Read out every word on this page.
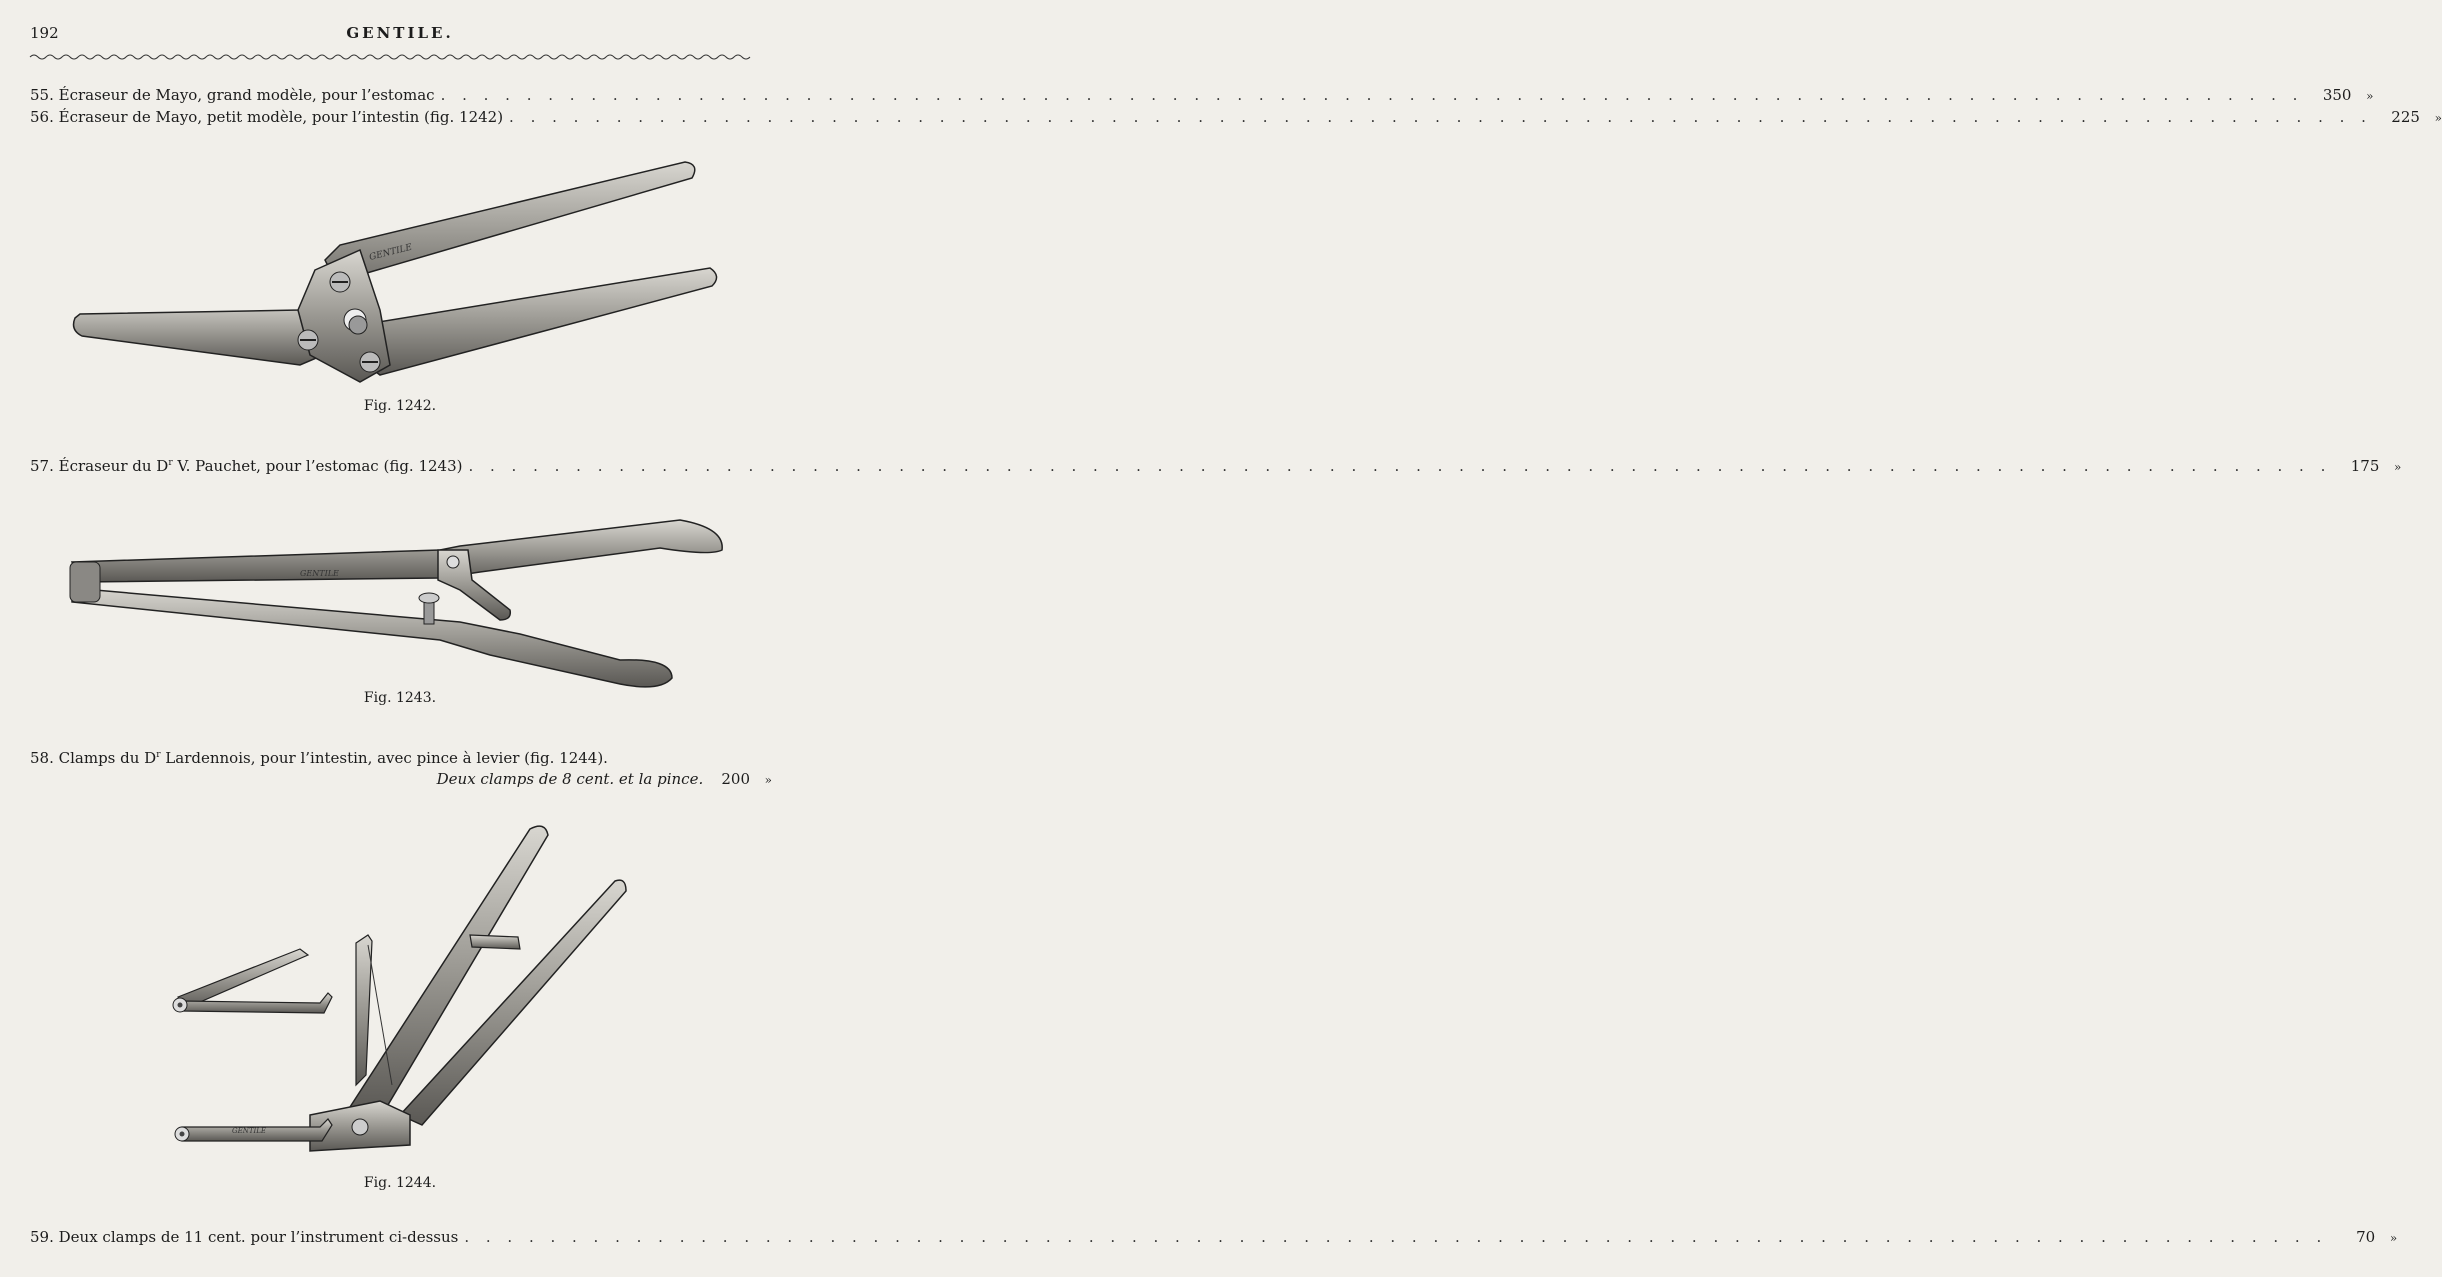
192	GENTILE.
55. Écraseur de Mayo, grand modèle, pour l’estomac . . . . . . . . . . . . . . . . . . . . . . . . . . . . . . . . . . . . . . . . . . . . . . . . . . . . . . . . . . . . . . . . . . . . . . . . . . . . . . . . . . . . . . .	350	»
56. Écraseur de Mayo, petit modèle, pour l’intestin (fig. 1242) . . . . . . . . . . . . . . . . . . . . . . . . . . . . . . . . . . . . . . . . . . . . . . . . . . . . . . . . . . . . . . . . . . . . . . . . . . . . . . . . . . . . . . .	225	»
GENTILE
Fig. 1242.
57. Écraseur du $D^r$ V. Pauchet, pour l’estomac (fig. 1243) . . . . . . . . . . . . . . . . . . . . . . . . . . . . . . . . . . . . . . . . . . . . . . . . . . . . . . . . . . . . . . . . . . . . . . . . . . . . . . . . . . . . . . .	175	»
GENTILE
Fig. 1243.
58. Clamps du $D^r$ Lardennois, pour l’intestin, avec pince à levier (fig. 1244).
Deux clamps de 8 cent. et la pince. 200 »
GENTILE
Fig. 1244.
59. Deux clamps de 11 cent. pour l’instrument ci-dessus . . . . . . . . . . . . . . . . . . . . . . . . . . . . . . . . . . . . . . . . . . . . . . . . . . . . . . . . . . . . . . . . . . . . . . . . . . . . . . . . . . . . . . .	70	»
